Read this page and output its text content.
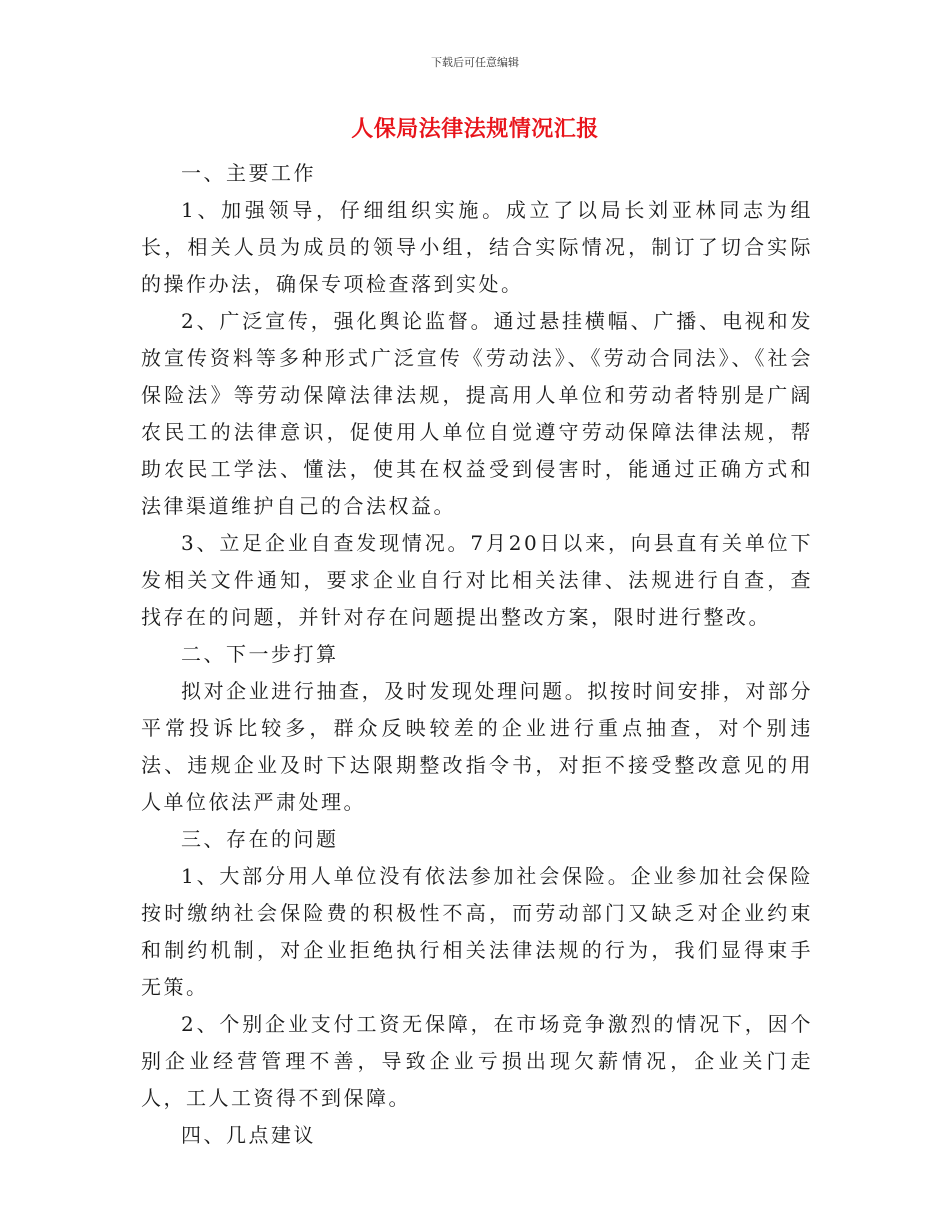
下载后可任意编辑
人保局法律法规情况汇报

一、主要工作

1、加强领导，仔细组织实施。成立了以局长刘亚林同志为组长，相关人员为成员的领导小组，结合实际情况，制订了切合实际的操作办法，确保专项检查落到实处。

2、广泛宣传，强化舆论监督。通过悬挂横幅、广播、电视和发放宣传资料等多种形式广泛宣传《劳动法》、《劳动合同法》、《社会保险法》等劳动保障法律法规，提高用人单位和劳动者特别是广阔农民工的法律意识，促使用人单位自觉遵守劳动保障法律法规，帮助农民工学法、懂法，使其在权益受到侵害时，能通过正确方式和法律渠道维护自己的合法权益。

3、立足企业自查发现情况。7月20日以来，向县直有关单位下发相关文件通知，要求企业自行对比相关法律、法规进行自查，查找存在的问题，并针对存在问题提出整改方案，限时进行整改。

二、下一步打算

拟对企业进行抽查，及时发现处理问题。拟按时间安排，对部分平常投诉比较多，群众反映较差的企业进行重点抽查，对个别违法、违规企业及时下达限期整改指令书，对拒不接受整改意见的用人单位依法严肃处理。

三、存在的问题

1、大部分用人单位没有依法参加社会保险。企业参加社会保险按时缴纳社会保险费的积极性不高，而劳动部门又缺乏对企业约束和制约机制，对企业拒绝执行相关法律法规的行为，我们显得束手无策。

2、个别企业支付工资无保障，在市场竞争激烈的情况下，因个别企业经营管理不善，导致企业亏损出现欠薪情况，企业关门走人，工人工资得不到保障。

四、几点建议
